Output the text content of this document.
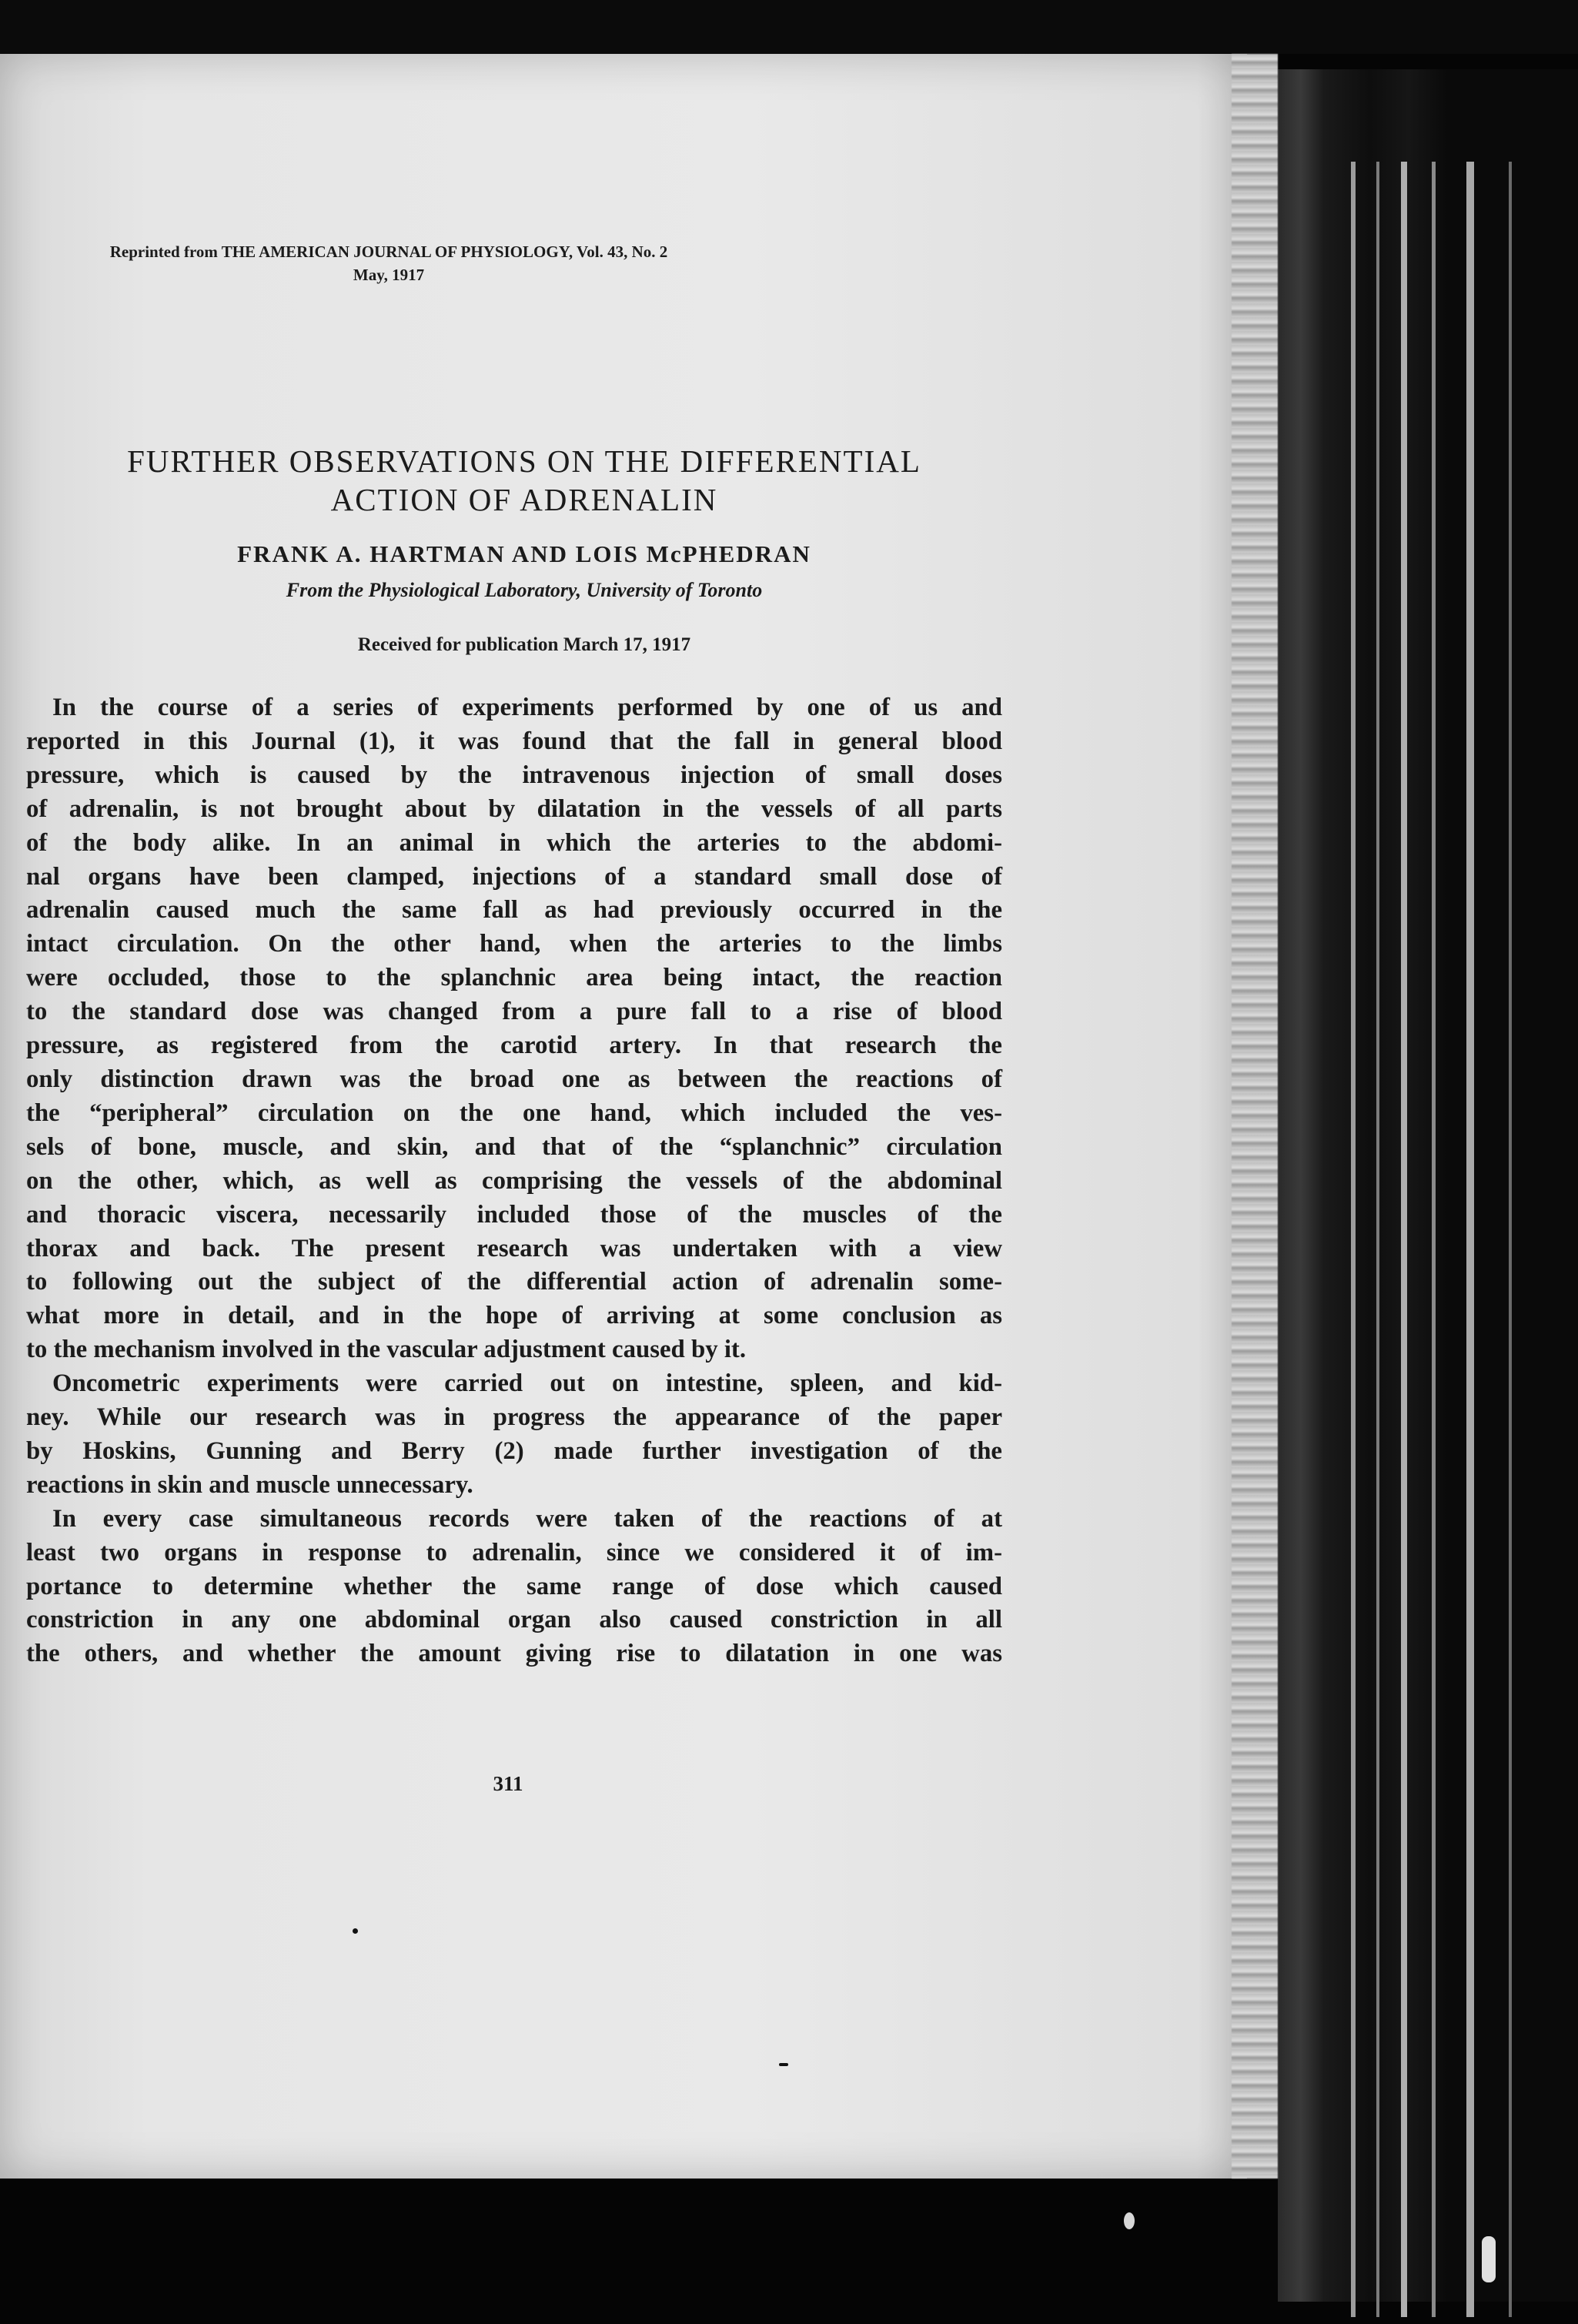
Reprinted from THE AMERICAN JOURNAL OF PHYSIOLOGY, Vol. 43, No. 2
May, 1917
FURTHER OBSERVATIONS ON THE DIFFERENTIAL
ACTION OF ADRENALIN
FRANK A. HARTMAN AND LOIS McPHEDRAN
From the Physiological Laboratory, University of Toronto
Received for publication March 17, 1917
In the course of a series of experiments performed by one of us and
reported in this Journal (1), it was found that the fall in general blood
pressure, which is caused by the intravenous injection of small doses
of adrenalin, is not brought about by dilatation in the vessels of all parts
of the body alike. In an animal in which the arteries to the abdomi-
nal organs have been clamped, injections of a standard small dose of
adrenalin caused much the same fall as had previously occurred in the
intact circulation. On the other hand, when the arteries to the limbs
were occluded, those to the splanchnic area being intact, the reaction
to the standard dose was changed from a pure fall to a rise of blood
pressure, as registered from the carotid artery. In that research the
only distinction drawn was the broad one as between the reactions of
the “peripheral” circulation on the one hand, which included the ves-
sels of bone, muscle, and skin, and that of the “splanchnic” circulation
on the other, which, as well as comprising the vessels of the abdominal
and thoracic viscera, necessarily included those of the muscles of the
thorax and back. The present research was undertaken with a view
to following out the subject of the differential action of adrenalin some-
what more in detail, and in the hope of arriving at some conclusion as
to the mechanism involved in the vascular adjustment caused by it.
Oncometric experiments were carried out on intestine, spleen, and kid-
ney. While our research was in progress the appearance of the paper
by Hoskins, Gunning and Berry (2) made further investigation of the
reactions in skin and muscle unnecessary.
In every case simultaneous records were taken of the reactions of at
least two organs in response to adrenalin, since we considered it of im-
portance to determine whether the same range of dose which caused
constriction in any one abdominal organ also caused constriction in all
the others, and whether the amount giving rise to dilatation in one was
311
